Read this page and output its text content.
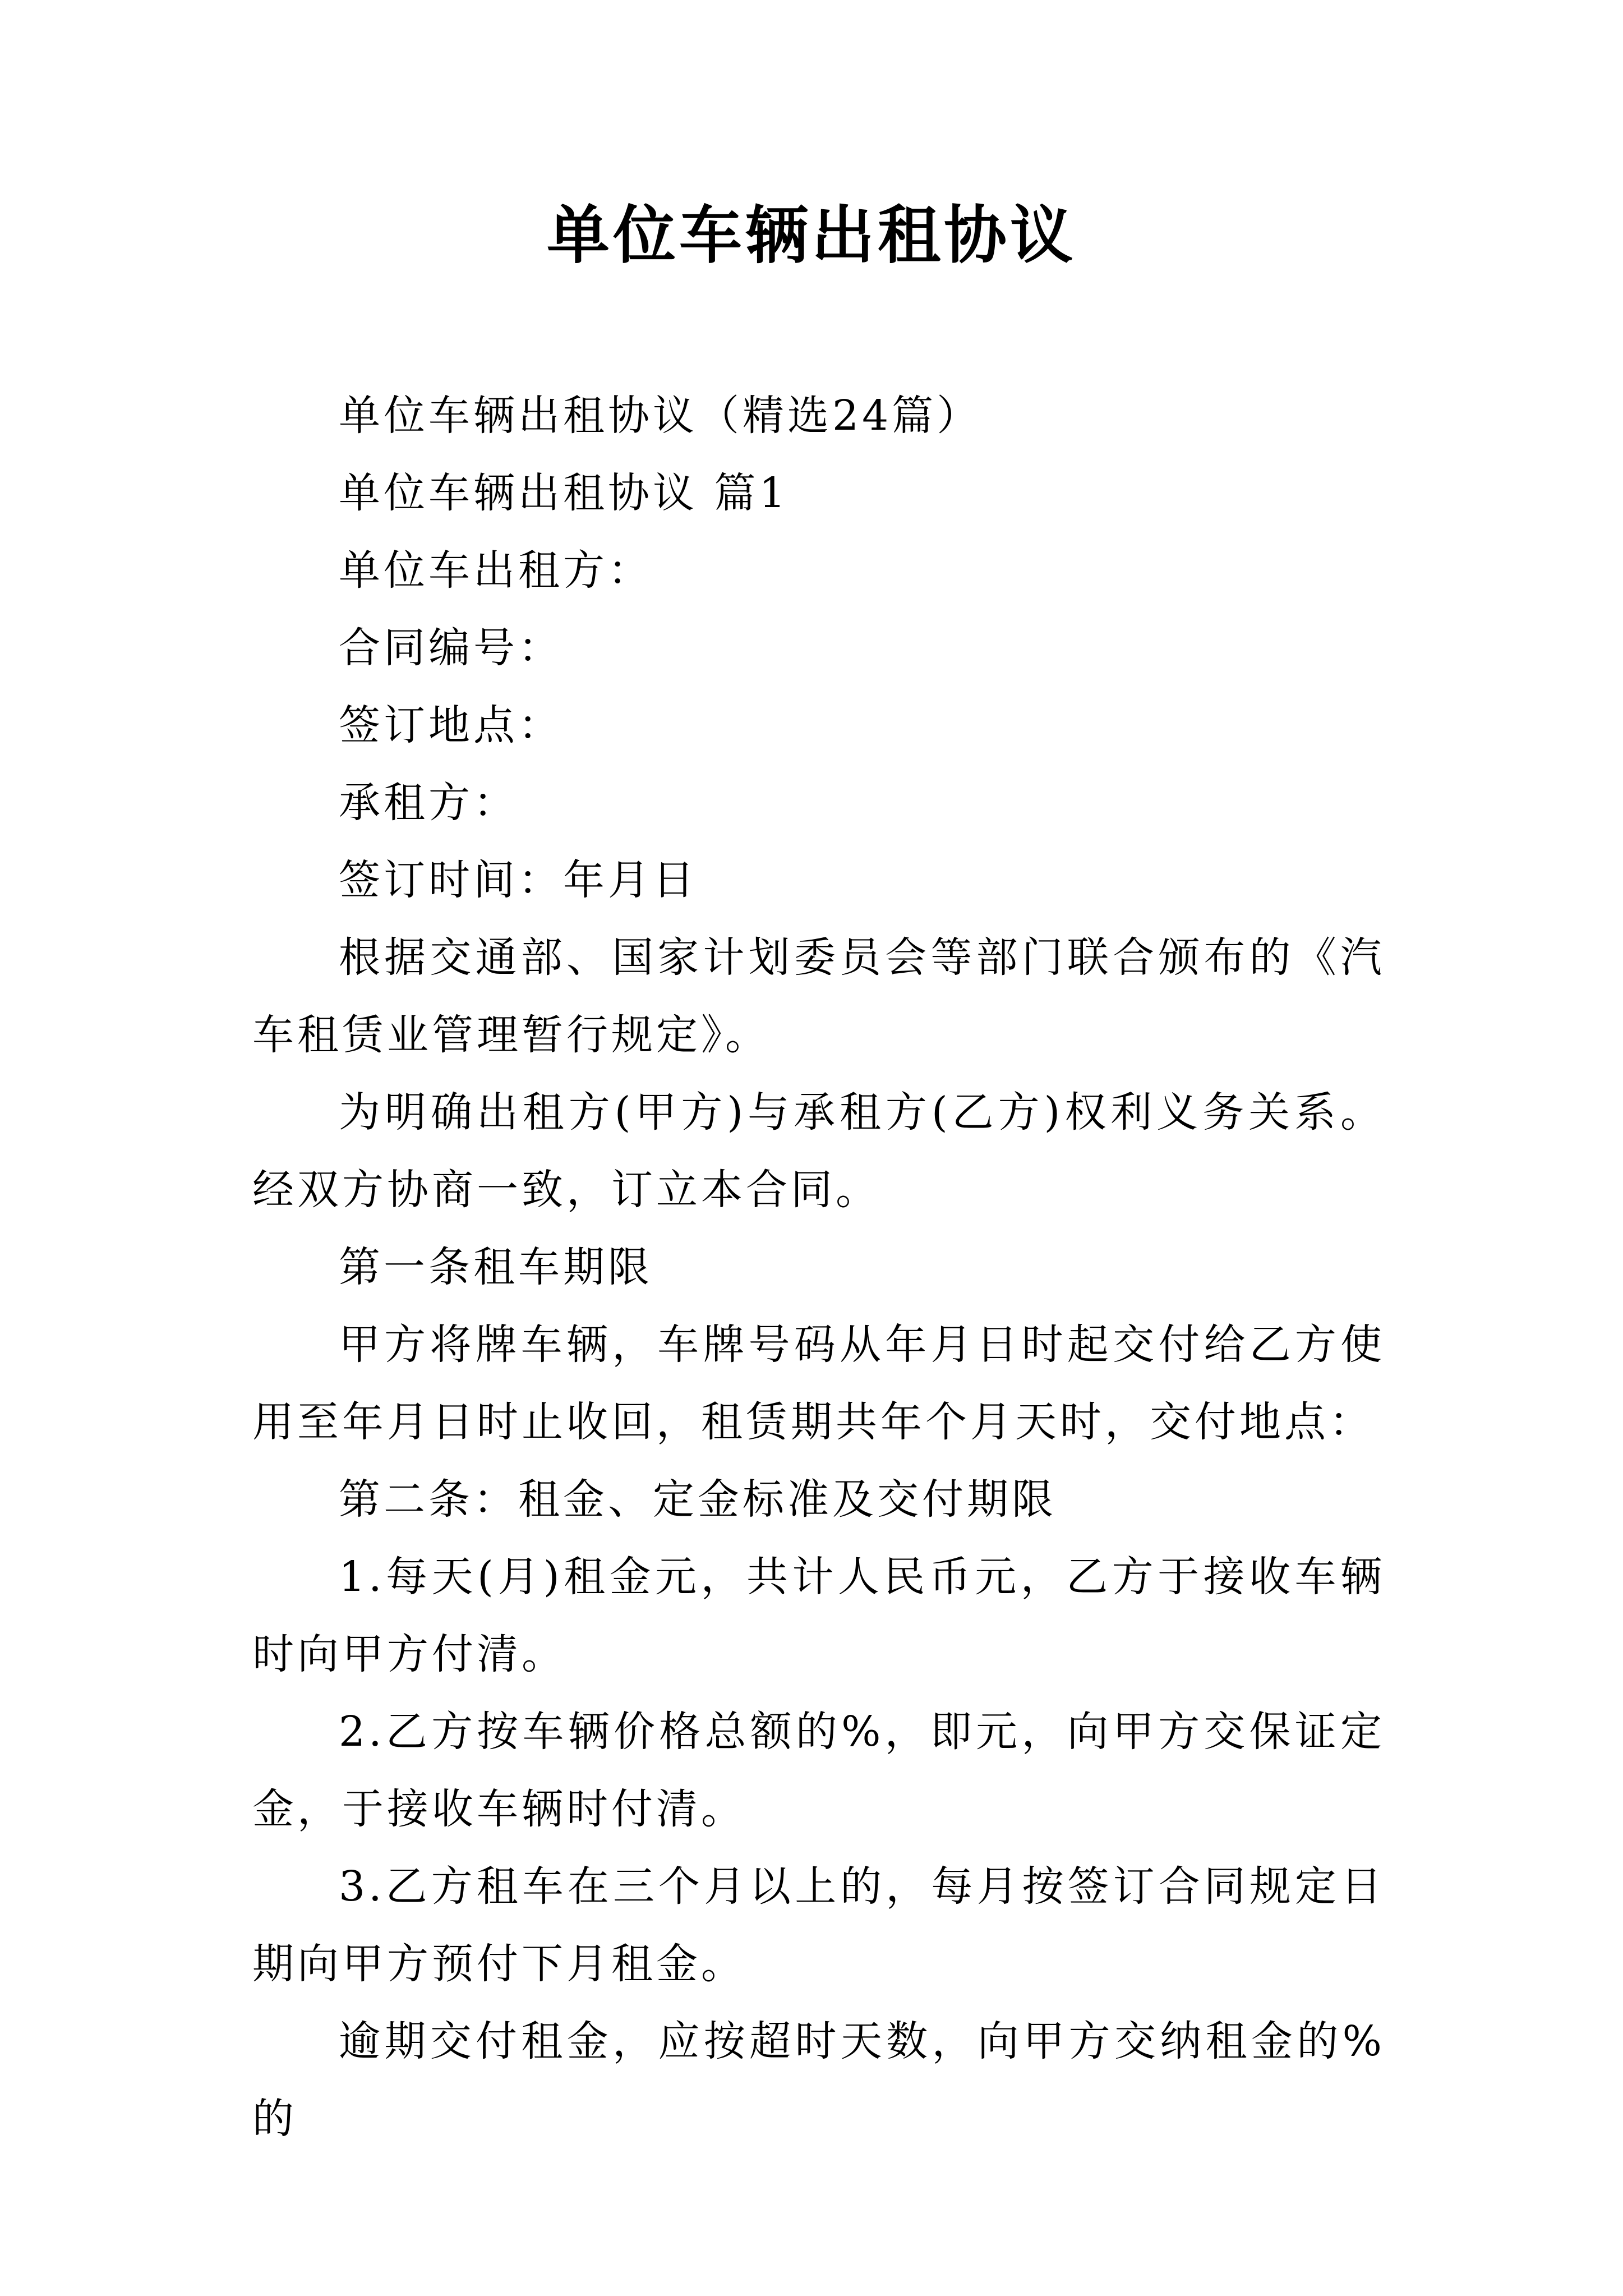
单位车辆出租协议

单位车辆出租协议（精选24篇）

单位车辆出租协议 篇1

单位车出租方：

合同编号：

签订地点：

承租方：

签订时间：年月日

根据交通部、国家计划委员会等部门联合颁布的《汽车租赁业管理暂行规定》。

为明确出租方(甲方)与承租方(乙方)权利义务关系。经双方协商一致，订立本合同。

第一条租车期限

甲方将牌车辆，车牌号码从年月日时起交付给乙方使用至年月日时止收回，租赁期共年个月天时，交付地点：

第二条：租金、定金标准及交付期限

1.每天(月)租金元，共计人民币元，乙方于接收车辆时向甲方付清。

2.乙方按车辆价格总额的%，即元，向甲方交保证定金，于接收车辆时付清。

3.乙方租车在三个月以上的，每月按签订合同规定日期向甲方预付下月租金。

逾期交付租金，应按超时天数，向甲方交纳租金的%的
